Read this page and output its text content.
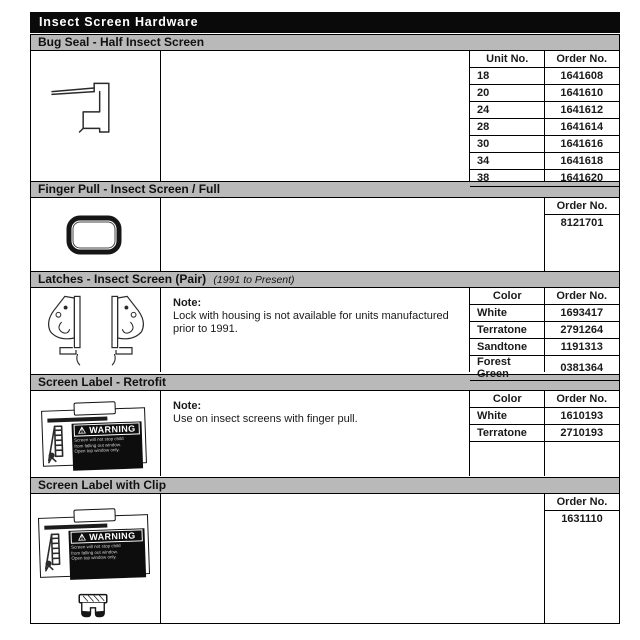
Insect Screen Hardware
Bug Seal - Half Insect Screen
Unit No.	Order No.
18	1641608
20	1641610
24	1641612
28	1641614
30	1641616
34	1641618
38	1641620
Finger Pull - Insect Screen / Full
Order No.
8121701
Latches - Insect Screen (Pair) (1991 to Present)
Note:
Lock with housing is not available for units manufactured prior to 1991.
Color	Order No.
White	1693417
Terratone	2791264
Sandtone	1191313
Forest Green	0381364
Screen Label - Retrofit
⚠ WARNING
Screen will not stop child
from falling out window.
Open top window only.
Note:
Use on insect screens with finger pull.
Color	Order No.
White	1610193
Terratone	2710193
Screen Label with Clip
⚠ WARNING
Screen will not stop child
from falling out window.
Open top window only.
Order No.
1631110
